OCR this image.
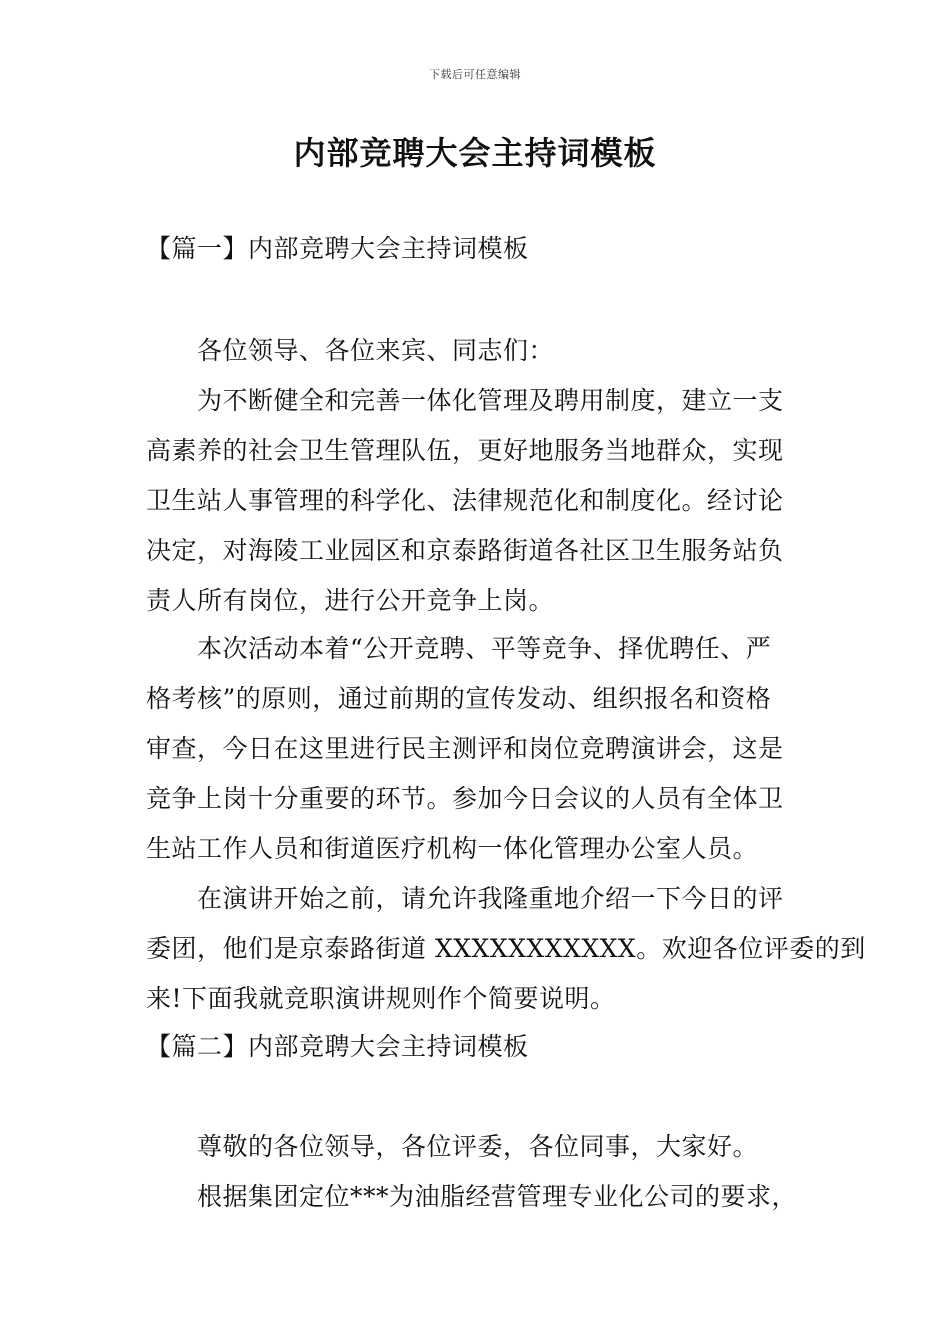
下载后可任意编辑
内部竞聘大会主持词模板
【篇一】内部竞聘大会主持词模板
各位领导、各位来宾、同志们：
为不断健全和完善一体化管理及聘用制度，建立一支
高素养的社会卫生管理队伍，更好地服务当地群众，实现
卫生站人事管理的科学化、法律规范化和制度化。经讨论
决定，对海陵工业园区和京泰路街道各社区卫生服务站负
责人所有岗位，进行公开竞争上岗。
本次活动本着“公开竞聘、平等竞争、择优聘任、严
格考核”的原则，通过前期的宣传发动、组织报名和资格
审查，今日在这里进行民主测评和岗位竞聘演讲会，这是
竞争上岗十分重要的环节。参加今日会议的人员有全体卫
生站工作人员和街道医疗机构一体化管理办公室人员。
在演讲开始之前，请允许我隆重地介绍一下今日的评
委团，他们是京泰路街道 XXXXXXXXXXX。欢迎各位评委的到
来!下面我就竞职演讲规则作个简要说明。
【篇二】内部竞聘大会主持词模板
尊敬的各位领导，各位评委，各位同事，大家好。
根据集团定位***为油脂经营管理专业化公司的要求，
